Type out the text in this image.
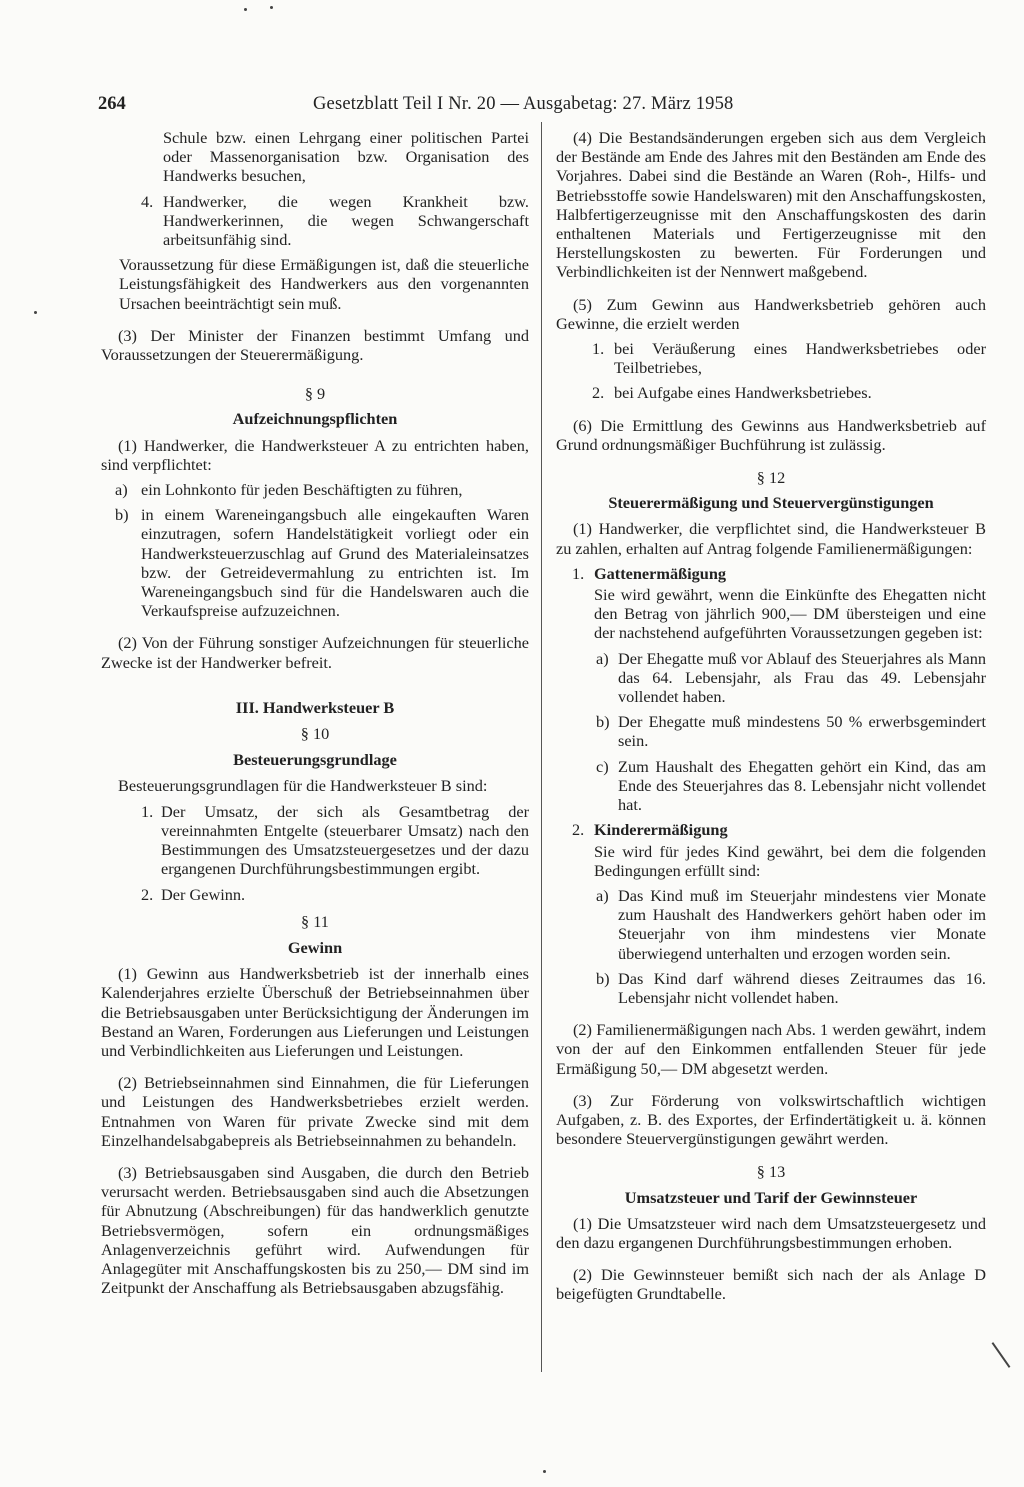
264	Gesetzblatt Teil I Nr. 20 — Ausgabetag: 27. März 1958

Schule bzw. einen Lehrgang einer politischen Partei oder Massenorganisation bzw. Organisation des Handwerks besuchen,

4. Handwerker, die wegen Krankheit bzw. Handwerkerinnen, die wegen Schwangerschaft arbeitsunfähig sind.

Voraussetzung für diese Ermäßigungen ist, daß die steuerliche Leistungsfähigkeit des Handwerkers aus den vorgenannten Ursachen beeinträchtigt sein muß.

(3) Der Minister der Finanzen bestimmt Umfang und Voraussetzungen der Steuerermäßigung.

§ 9

Aufzeichnungspflichten

(1) Handwerker, die Handwerksteuer A zu entrichten haben, sind verpflichtet:

a) ein Lohnkonto für jeden Beschäftigten zu führen,
b) in einem Wareneingangsbuch alle eingekauften Waren einzutragen, sofern Handelstätigkeit vorliegt oder ein Handwerksteuerzuschlag auf Grund des Materialeinsatzes bzw. der Getreidevermahlung zu entrichten ist. Im Wareneingangsbuch sind für die Handelswaren auch die Verkaufspreise aufzuzeichnen.

(2) Von der Führung sonstiger Aufzeichnungen für steuerliche Zwecke ist der Handwerker befreit.

III. Handwerksteuer B

§ 10

Besteuerungsgrundlage

Besteuerungsgrundlagen für die Handwerksteuer B sind:

1. Der Umsatz, der sich als Gesamtbetrag der vereinnahmten Entgelte (steuerbarer Umsatz) nach den Bestimmungen des Umsatzsteuergesetzes und der dazu ergangenen Durchführungsbestimmungen ergibt.
2. Der Gewinn.

§ 11

Gewinn

(1) Gewinn aus Handwerksbetrieb ist der innerhalb eines Kalenderjahres erzielte Überschuß der Betriebseinnahmen über die Betriebsausgaben unter Berücksichtigung der Änderungen im Bestand an Waren, Forderungen aus Lieferungen und Leistungen und Verbindlichkeiten aus Lieferungen und Leistungen.

(2) Betriebseinnahmen sind Einnahmen, die für Lieferungen und Leistungen des Handwerksbetriebes erzielt werden. Entnahmen von Waren für private Zwecke sind mit dem Einzelhandelsabgabepreis als Betriebseinnahmen zu behandeln.

(3) Betriebsausgaben sind Ausgaben, die durch den Betrieb verursacht werden. Betriebsausgaben sind auch die Absetzungen für Abnutzung (Abschreibungen) für das handwerklich genutzte Betriebsvermögen, sofern ein ordnungsmäßiges Anlagenverzeichnis geführt wird. Aufwendungen für Anlagegüter mit Anschaffungskosten bis zu 250,— DM sind im Zeitpunkt der Anschaffung als Betriebsausgaben abzugsfähig.

(4) Die Bestandsänderungen ergeben sich aus dem Vergleich der Bestände am Ende des Jahres mit den Beständen am Ende des Vorjahres. Dabei sind die Bestände an Waren (Roh-, Hilfs- und Betriebsstoffe sowie Handelswaren) mit den Anschaffungskosten, Halbfertigerzeugnisse mit den Anschaffungskosten des darin enthaltenen Materials und Fertigerzeugnisse mit den Herstellungskosten zu bewerten. Für Forderungen und Verbindlichkeiten ist der Nennwert maßgebend.

(5) Zum Gewinn aus Handwerksbetrieb gehören auch Gewinne, die erzielt werden

1. bei Veräußerung eines Handwerksbetriebes oder Teilbetriebes,
2. bei Aufgabe eines Handwerksbetriebes.

(6) Die Ermittlung des Gewinns aus Handwerksbetrieb auf Grund ordnungsmäßiger Buchführung ist zulässig.

§ 12

Steuerermäßigung und Steuervergünstigungen

(1) Handwerker, die verpflichtet sind, die Handwerksteuer B zu zahlen, erhalten auf Antrag folgende Familienermäßigungen:

1. Gattenermäßigung

Sie wird gewährt, wenn die Einkünfte des Ehegatten nicht den Betrag von jährlich 900,— DM übersteigen und eine der nachstehend aufgeführten Voraussetzungen gegeben ist:

a) Der Ehegatte muß vor Ablauf des Steuerjahres als Mann das 64. Lebensjahr, als Frau das 49. Lebensjahr vollendet haben.
b) Der Ehegatte muß mindestens 50 % erwerbsgemindert sein.
c) Zum Haushalt des Ehegatten gehört ein Kind, das am Ende des Steuerjahres das 8. Lebensjahr nicht vollendet hat.
2. Kinderermäßigung

Sie wird für jedes Kind gewährt, bei dem die folgenden Bedingungen erfüllt sind:

a) Das Kind muß im Steuerjahr mindestens vier Monate zum Haushalt des Handwerkers gehört haben oder im Steuerjahr von ihm mindestens vier Monate überwiegend unterhalten und erzogen worden sein.
b) Das Kind darf während dieses Zeitraumes das 16. Lebensjahr nicht vollendet haben.

(2) Familienermäßigungen nach Abs. 1 werden gewährt, indem von der auf den Einkommen entfallenden Steuer für jede Ermäßigung 50,— DM abgesetzt werden.

(3) Zur Förderung von volkswirtschaftlich wichtigen Aufgaben, z. B. des Exportes, der Erfindertätigkeit u. ä. können besondere Steuervergünstigungen gewährt werden.

§ 13

Umsatzsteuer und Tarif der Gewinnsteuer

(1) Die Umsatzsteuer wird nach dem Umsatzsteuergesetz und den dazu ergangenen Durchführungsbestimmungen erhoben.

(2) Die Gewinnsteuer bemißt sich nach der als Anlage D beigefügten Grundtabelle.
